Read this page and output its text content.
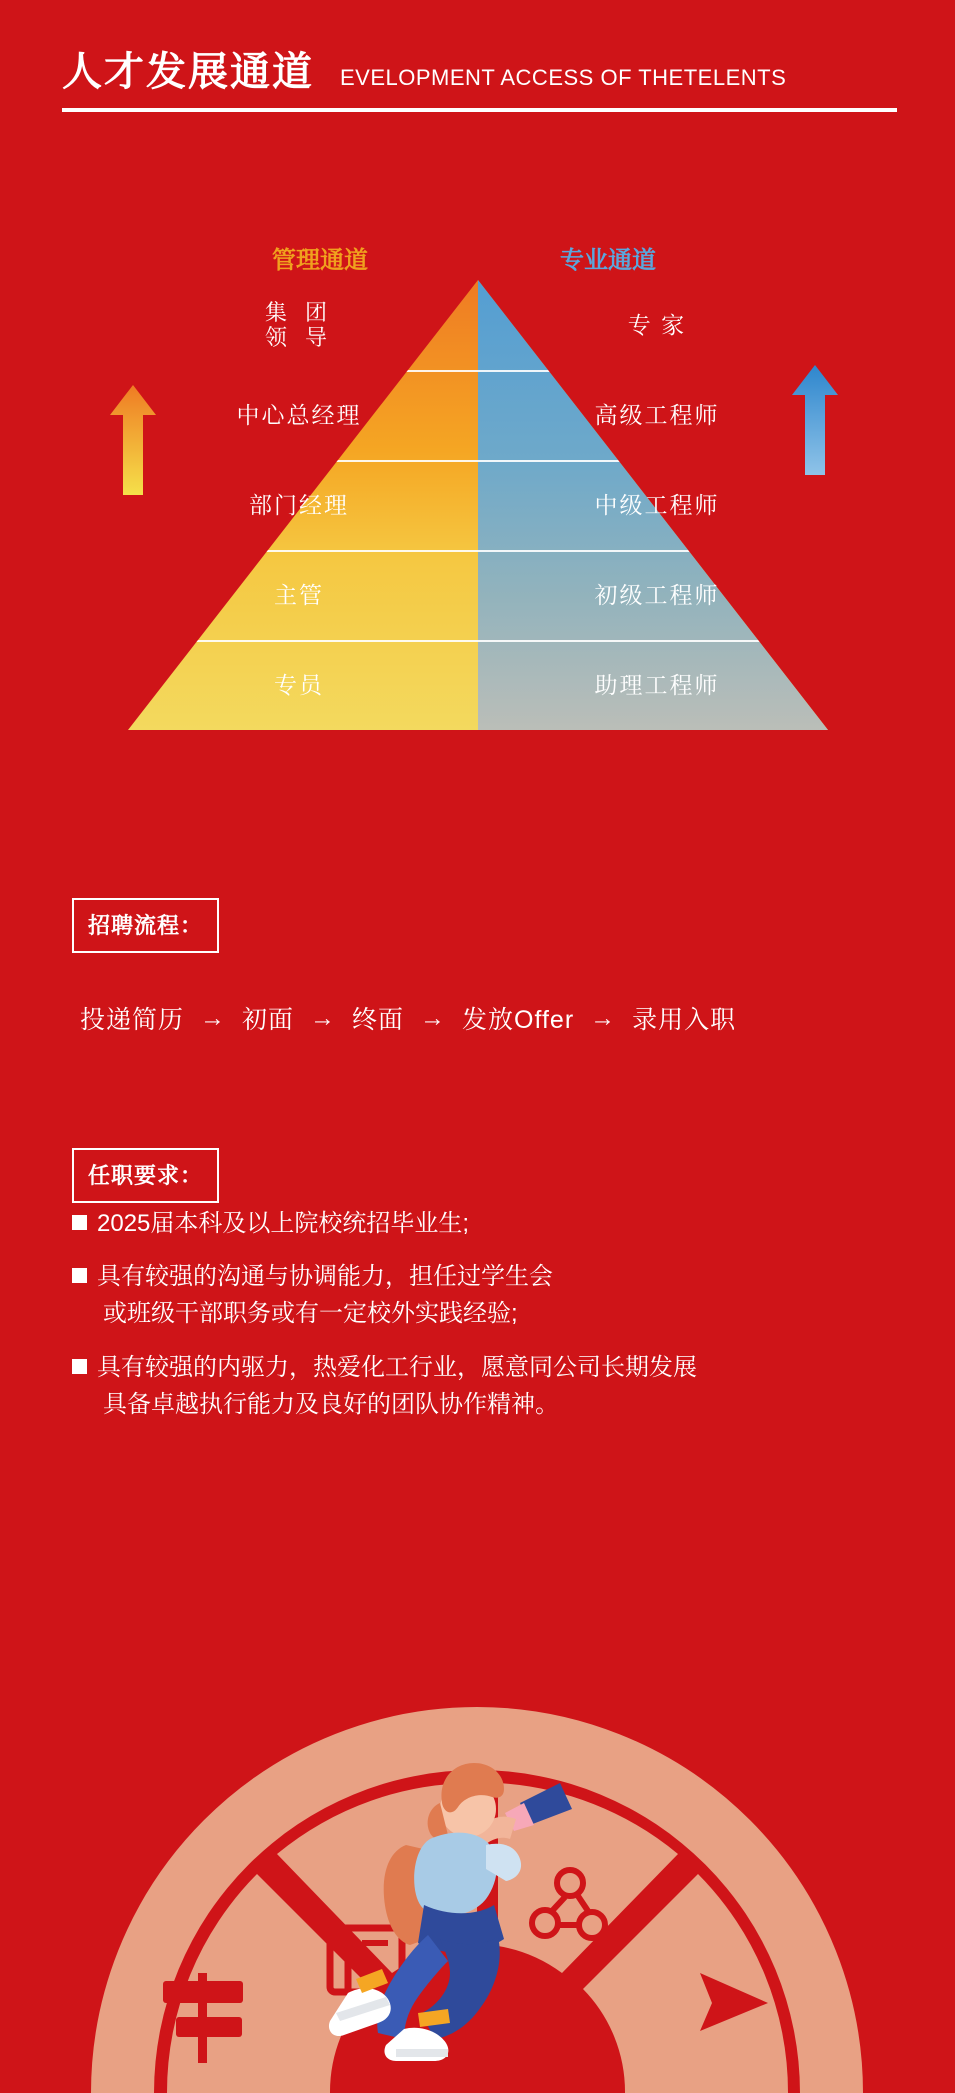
人才发展通道 EVELOPMENT ACCESS OF THETELENTS
管理通道	专业通道
集 团
领 导	专 家
中心总经理	高级工程师
部门经理	中级工程师
主管	初级工程师
专员	助理工程师
招聘流程：
投递简历 → 初面 → 终面 → 发放Offer → 录用入职
任职要求：
2025届本科及以上院校统招毕业生;
具有较强的沟通与协调能力，担任过学生会
或班级干部职务或有一定校外实践经验;
具有较强的内驱力，热爱化工行业，愿意同公司长期发展
具备卓越执行能力及良好的团队协作精神。
